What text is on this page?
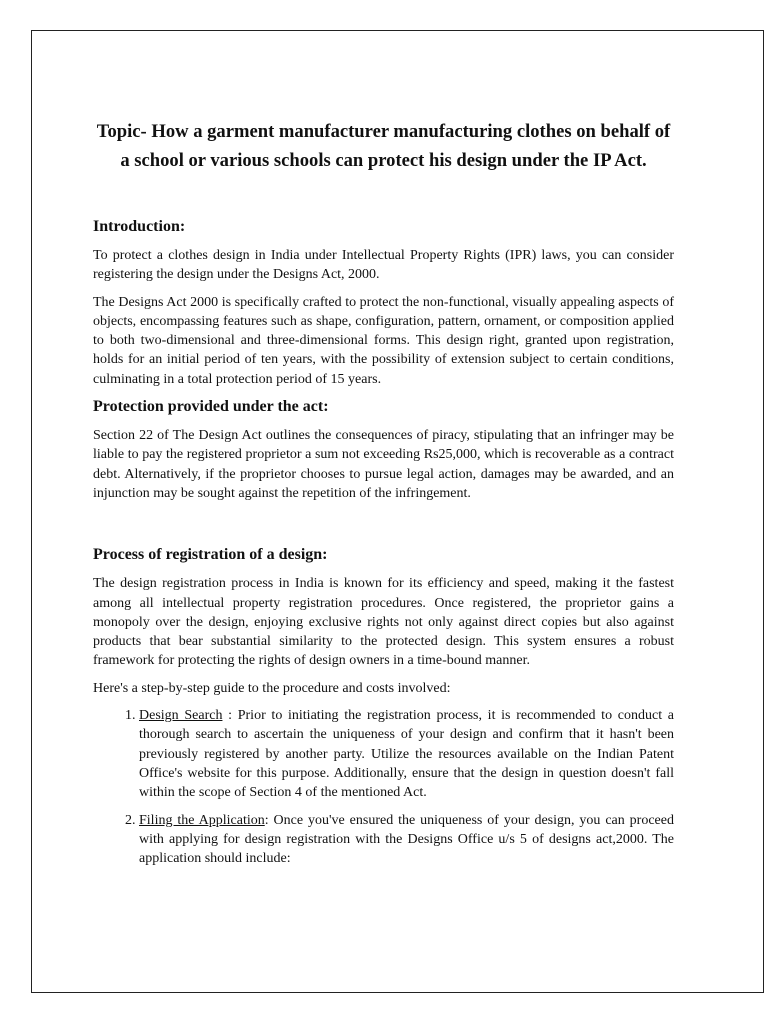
Topic- How a garment manufacturer manufacturing clothes on behalf of a school or various schools can protect his design under the IP Act.
Introduction:

To protect a clothes design in India under Intellectual Property Rights (IPR) laws, you can consider registering the design under the Designs Act, 2000.

The Designs Act 2000 is specifically crafted to protect the non-functional, visually appealing aspects of objects, encompassing features such as shape, configuration, pattern, ornament, or composition applied to both two-dimensional and three-dimensional forms. This design right, granted upon registration, holds for an initial period of ten years, with the possibility of extension subject to certain conditions, culminating in a total protection period of 15 years.

Protection provided under the act:

Section 22 of The Design Act outlines the consequences of piracy, stipulating that an infringer may be liable to pay the registered proprietor a sum not exceeding Rs25,000, which is recoverable as a contract debt. Alternatively, if the proprietor chooses to pursue legal action, damages may be awarded, and an injunction may be sought against the repetition of the infringement.

Process of registration of a design:

The design registration process in India is known for its efficiency and speed, making it the fastest among all intellectual property registration procedures. Once registered, the proprietor gains a monopoly over the design, enjoying exclusive rights not only against direct copies but also against products that bear substantial similarity to the protected design. This system ensures a robust framework for protecting the rights of design owners in a time-bound manner.

Here's a step-by-step guide to the procedure and costs involved:

1. Design Search : Prior to initiating the registration process, it is recommended to conduct a thorough search to ascertain the uniqueness of your design and confirm that it hasn't been previously registered by another party. Utilize the resources available on the Indian Patent Office's website for this purpose. Additionally, ensure that the design in question doesn't fall within the scope of Section 4 of the mentioned Act.
2. Filing the Application: Once you've ensured the uniqueness of your design, you can proceed with applying for design registration with the Designs Office u/s 5 of designs act,2000. The application should include:
